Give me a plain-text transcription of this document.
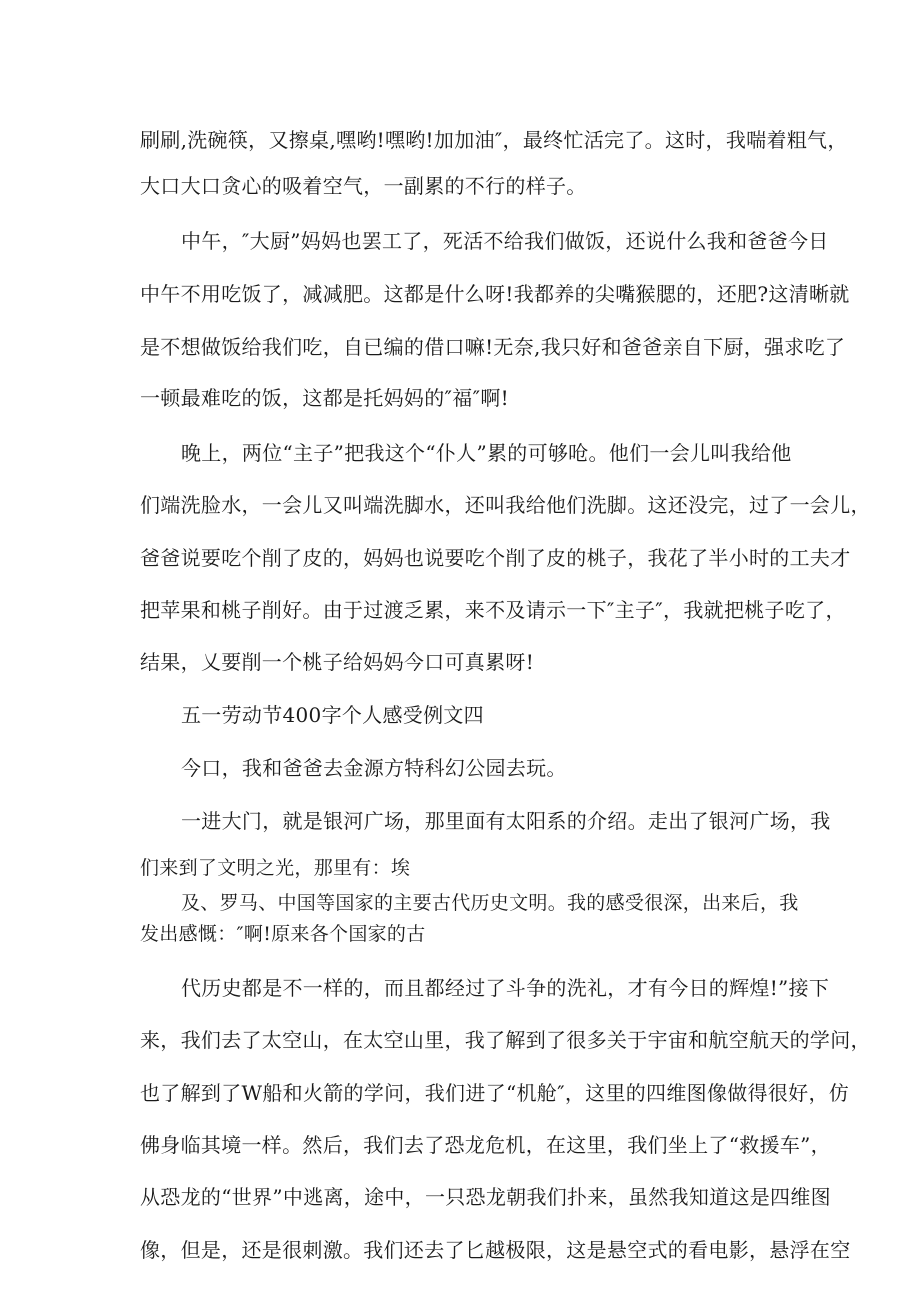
刷刷,洗碗筷，又擦桌,嘿哟!嘿哟!加加油″，最终忙活完了。这时，我喘着粗气，
大口大口贪心的吸着空气，一副累的不行的样子。
中午，″大厨”妈妈也罢工了，死活不给我们做饭，还说什么我和爸爸今日
中午不用吃饭了，减减肥。这都是什么呀!我都养的尖嘴猴腮的，还肥?这清晰就
是不想做饭给我们吃，自已编的借口嘛!无奈,我只好和爸爸亲自下厨，强求吃了
一顿最难吃的饭，这都是托妈妈的″福″啊!
晚上，两位“主子”把我这个“仆人”累的可够呛。他们一会儿叫我给他
们端洗脸水，一会儿又叫端洗脚水，还叫我给他们洗脚。这还没完，过了一会儿，
爸爸说要吃个削了皮的，妈妈也说要吃个削了皮的桃子，我花了半小时的工夫才
把苹果和桃子削好。由于过渡乏累，来不及请示一下″主子″，我就把桃子吃了，
结果，乂要削一个桃子给妈妈今口可真累呀!
五一劳动节400字个人感受例文四
今口，我和爸爸去金源方特科幻公园去玩。
一进大门，就是银河广场，那里面有太阳系的介绍。走出了银河广场，我
们来到了文明之光，那里有：埃
及、罗马、中国等国家的主要古代历史文明。我的感受很深，出来后，我
发出感慨：″啊!原来各个国家的古
代历史都是不一样的，而且都经过了斗争的洗礼，才有今日的辉煌!”接下
来，我们去了太空山，在太空山里，我了解到了很多关于宇宙和航空航天的学问，
也了解到了W船和火箭的学问，我们进了“机舱″，这里的四维图像做得很好，仿
佛身临其境一样。然后，我们去了恐龙危机，在这里，我们坐上了“救援车”，
从恐龙的“世界”中逃离，途中，一只恐龙朝我们扑来，虽然我知道这是四维图
像，但是，还是很刺激。我们还去了匕越极限，这是悬空式的看电影，悬浮在空
